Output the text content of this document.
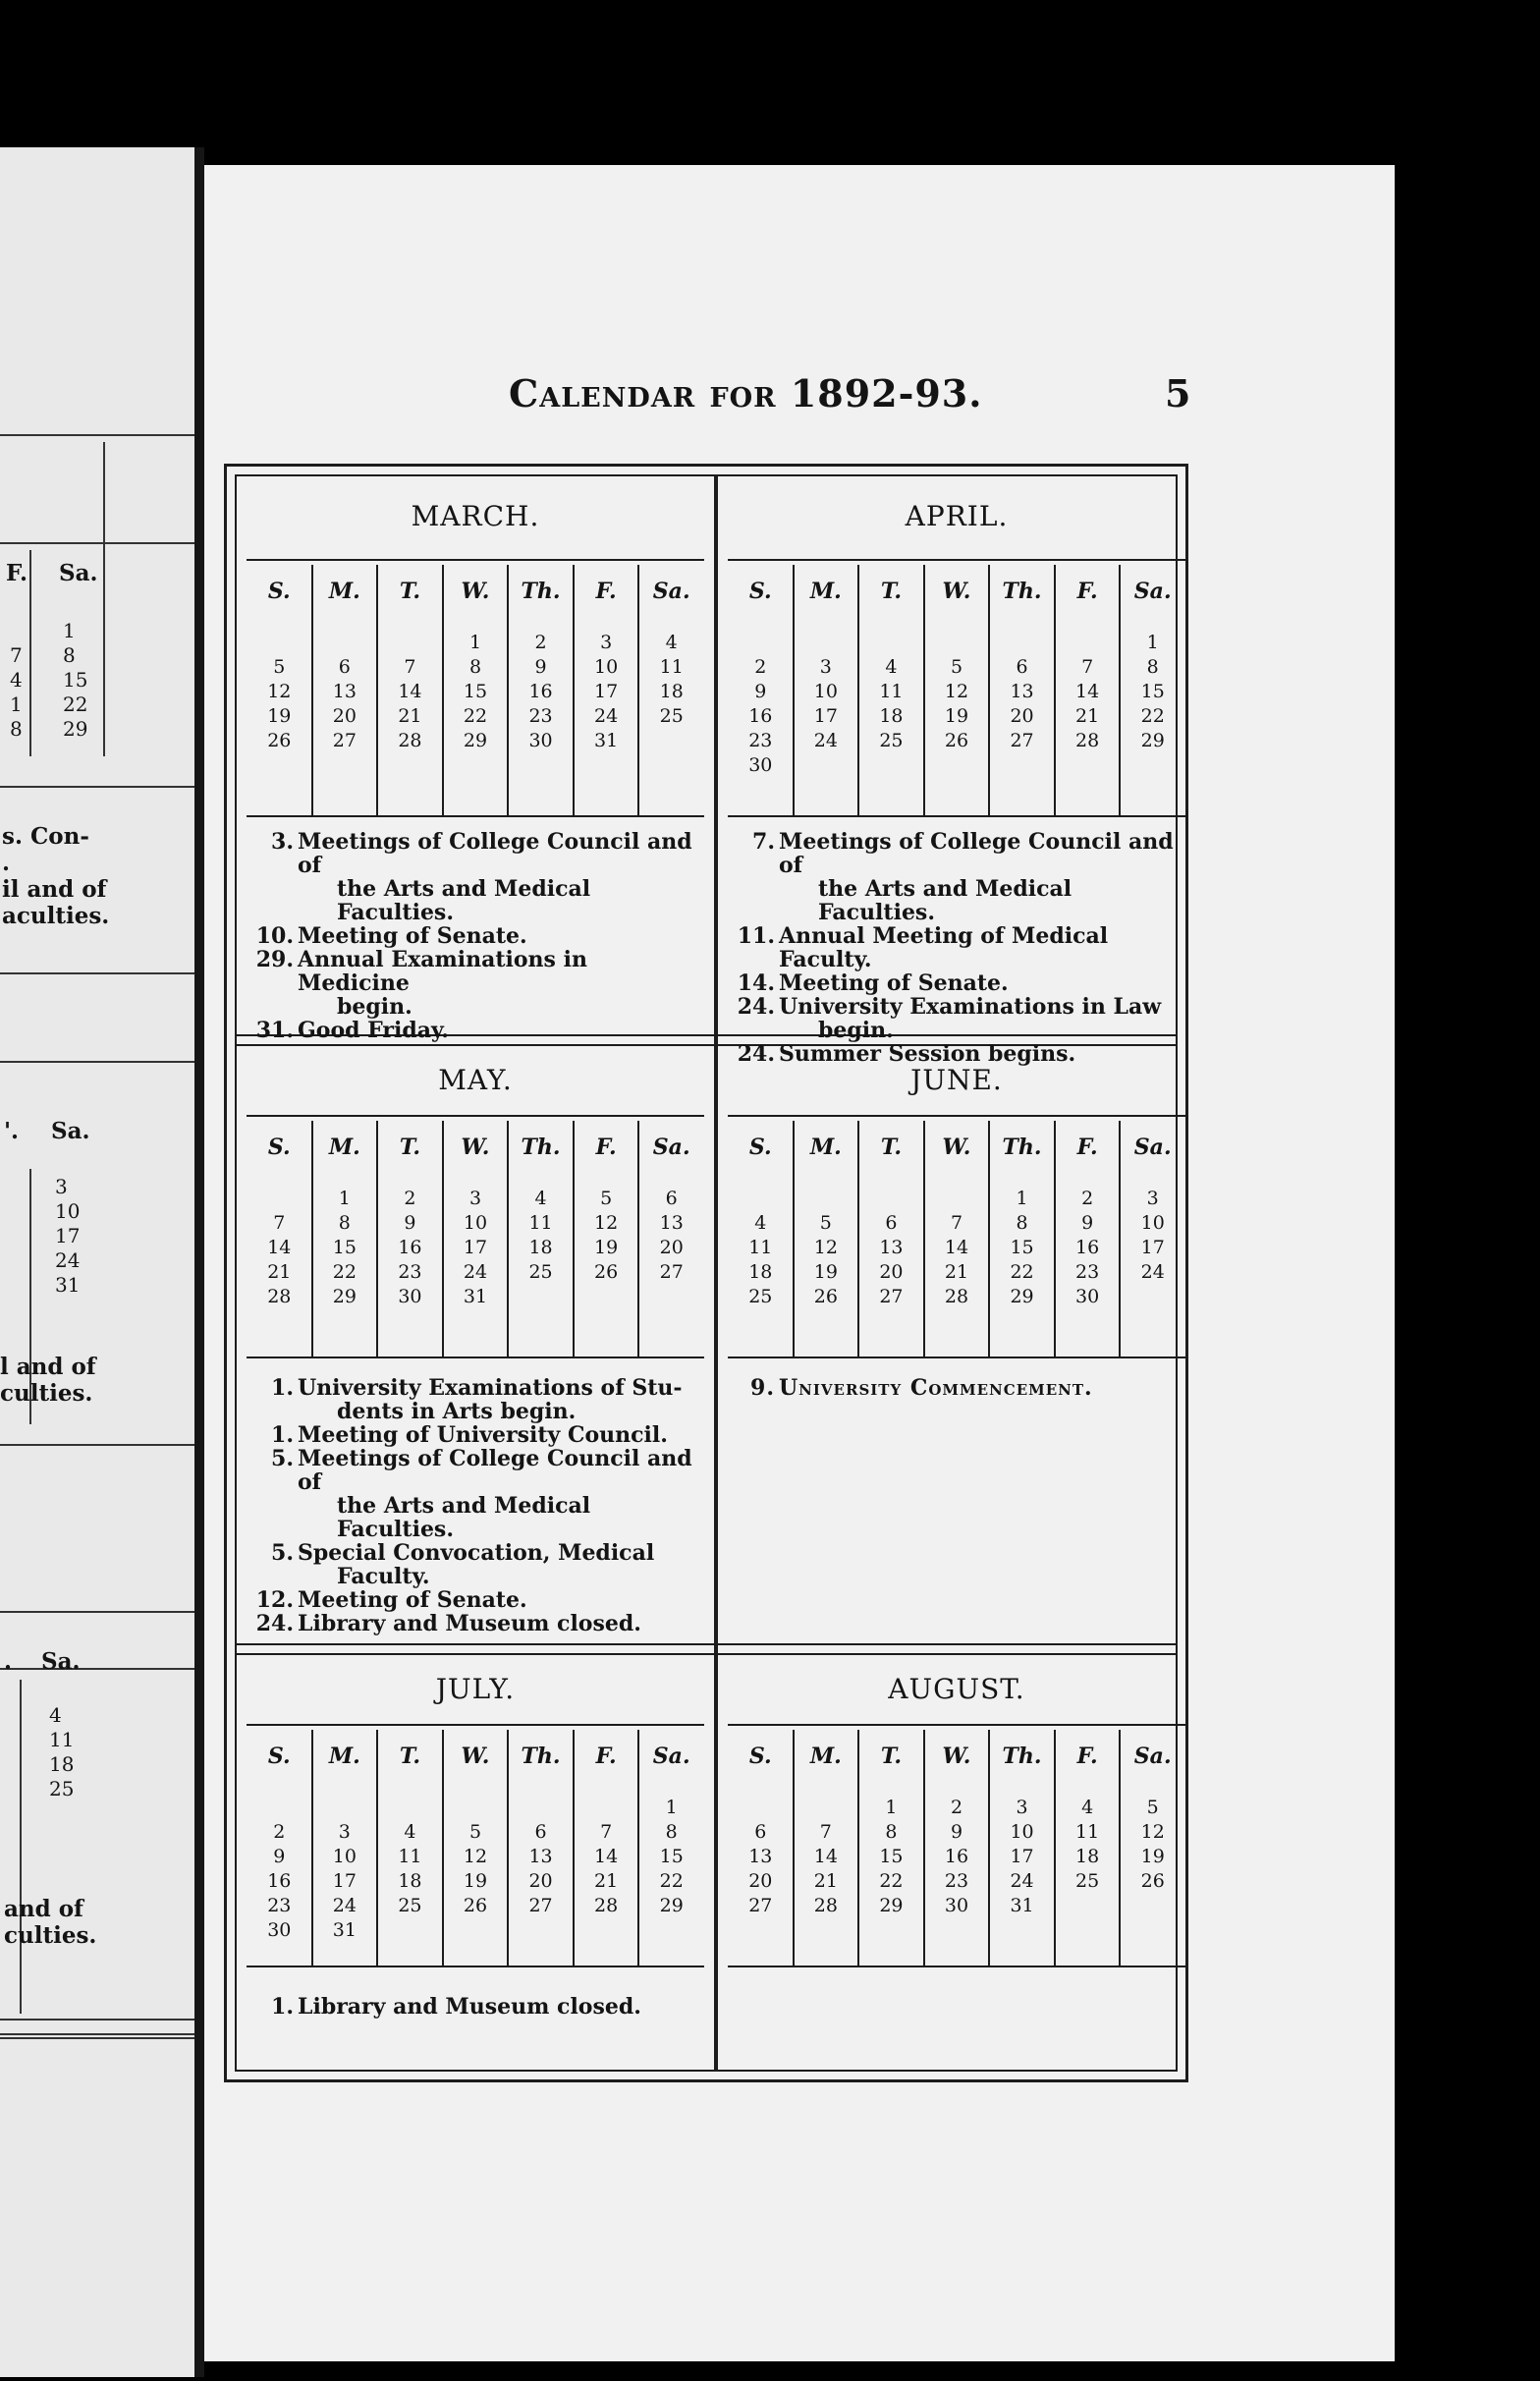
F. Sa.
1
7 8
4 15
1 22
8 29
s. Con-
.
il and of
aculties.
'. Sa.
3
10
17
24
31
l and of
culties.
. Sa.
4
11
18
25
and of
culties.
Calendar for 1892-93.	5
MARCH.
S.
5
12
19
26
M.
6
13
20
27
T.
7
14
21
28
W.
1
8
15
22
29
Th.
2
9
16
23
30
F.
3
10
17
24
31
Sa.
4
11
18
25
3. Meetings of College Council and of
the Arts and Medical Faculties.
10. Meeting of Senate.
29. Annual Examinations in Medicine
begin.
31. Good Friday.
APRIL.
S.
2
9
16
23
30
M.
3
10
17
24
T.
4
11
18
25
W.
5
12
19
26
Th.
6
13
20
27
F.
7
14
21
28
Sa.
1
8
15
22
29
7. Meetings of College Council and of
the Arts and Medical Faculties.
11. Annual Meeting of Medical Faculty.
14. Meeting of Senate.
24. University Examinations in Law
begin.
24. Summer Session begins.
MAY.
S.
7
14
21
28
M.
1
8
15
22
29
T.
2
9
16
23
30
W.
3
10
17
24
31
Th.
4
11
18
25
F.
5
12
19
26
Sa.
6
13
20
27
1. University Examinations of Stu-
dents in Arts begin.
1. Meeting of University Council.
5. Meetings of College Council and of
the Arts and Medical Faculties.
5. Special Convocation, Medical
Faculty.
12. Meeting of Senate.
24. Library and Museum closed.
JUNE.
S.
4
11
18
25
M.
5
12
19
26
T.
6
13
20
27
W.
7
14
21
28
Th.
1
8
15
22
29
F.
2
9
16
23
30
Sa.
3
10
17
24
9. University Commencement.
JULY.
S.
2
9
16
23
30
M.
3
10
17
24
31
T.
4
11
18
25
W.
5
12
19
26
Th.
6
13
20
27
F.
7
14
21
28
Sa.
1
8
15
22
29
1. Library and Museum closed.
AUGUST.
S.
6
13
20
27
M.
7
14
21
28
T.
1
8
15
22
29
W.
2
9
16
23
30
Th.
3
10
17
24
31
F.
4
11
18
25
Sa.
5
12
19
26
